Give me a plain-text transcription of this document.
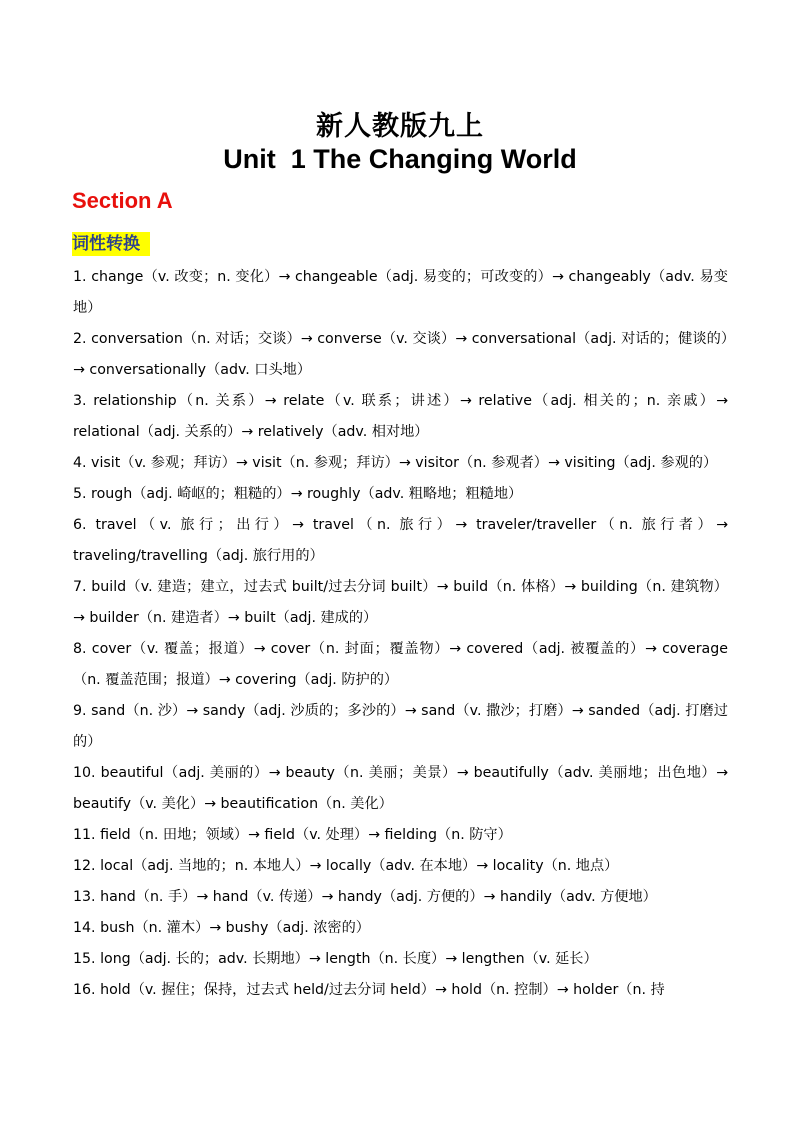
新人教版九上
Unit  1 The Changing World
Section A
词性转换
1. change（v. 改变；n. 变化）→ changeable（adj. 易变的；可改变的）→ changeably（adv. 易变地）
2. conversation（n. 对话；交谈）→ converse（v. 交谈）→ conversational（adj. 对话的；健谈的）→ conversationally（adv. 口头地）
3. relationship（n. 关系）→ relate（v. 联系；讲述）→ relative（adj. 相关的；n. 亲戚）→ relational（adj. 关系的）→ relatively（adv. 相对地）
4. visit（v. 参观；拜访）→ visit（n. 参观；拜访）→ visitor（n. 参观者）→ visiting（adj. 参观的）
5. rough（adj. 崎岖的；粗糙的）→ roughly（adv. 粗略地；粗糙地）
6. travel（v. 旅行；出行）→ travel（n. 旅行）→ traveler/traveller（n. 旅行者）→ traveling/travelling（adj. 旅行用的）
7. build（v. 建造；建立，过去式 built/过去分词 built）→ build（n. 体格）→ building（n. 建筑物）→ builder（n. 建造者）→ built（adj. 建成的）
8. cover（v. 覆盖；报道）→ cover（n. 封面；覆盖物）→ covered（adj. 被覆盖的）→ coverage（n. 覆盖范围；报道）→ covering（adj. 防护的）
9. sand（n. 沙）→ sandy（adj. 沙质的；多沙的）→ sand（v. 撒沙；打磨）→ sanded（adj. 打磨过的）
10. beautiful（adj. 美丽的）→ beauty（n. 美丽；美景）→ beautifully（adv. 美丽地；出色地）→ beautify（v. 美化）→ beautification（n. 美化）
11. field（n. 田地；领域）→ field（v. 处理）→ fielding（n. 防守）
12. local（adj. 当地的；n. 本地人）→ locally（adv. 在本地）→ locality（n. 地点）
13. hand（n. 手）→ hand（v. 传递）→ handy（adj. 方便的）→ handily（adv. 方便地）
14. bush（n. 灌木）→ bushy（adj. 浓密的）
15. long（adj. 长的；adv. 长期地）→ length（n. 长度）→ lengthen（v. 延长）
16. hold（v. 握住；保持，过去式 held/过去分词 held）→ hold（n. 控制）→ holder（n. 持
